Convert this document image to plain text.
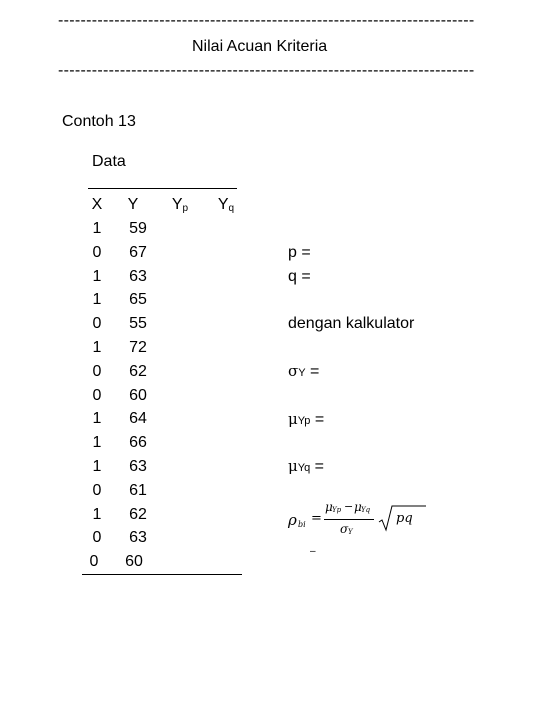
--------------------------------------------------------------------------
Nilai Acuan Kriteria
--------------------------------------------------------------------------
Contoh 13
Data
X	Y	$Y_p$	$Y_q$
1	59
0	67
1	63
1	65
0	55
1	72
0	62
0	60
1	64
1	66
1	63
0	61
1	62
0	63
0	60
p =
q =
dengan kalkulator
σY =
μYp =
μYq =
ρ bi =
μ Yp − μ Yq
σ Y
pq
–
